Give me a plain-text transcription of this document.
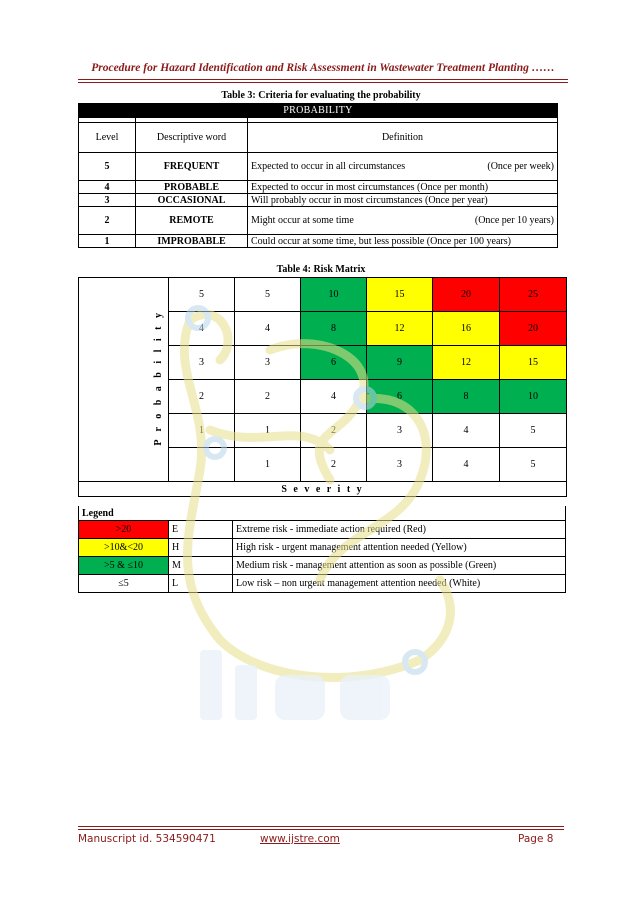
Procedure for Hazard Identification and Risk Assessment in Wastewater Treatment Planting ……
Table 3: Criteria for evaluating the probability
PROBABILITY		

Level	Descriptive word	Definition
5	FREQUENT	Expected to occur in all circumstances (Once per week)

4	PROBABLE	Expected to occur in most circumstances (Once per month)
3	OCCASIONAL	Will probably occur in most circumstances (Once per year)
2	REMOTE	Might occur at some time (Once per 10 years)

1	IMPROBABLE	Could occur at some time, but less possible (Once per 100 years)
Table 4: Risk Matrix
P r o b a b i l i t y	5	5	10	15	20	25
	4	4	8	12	16	20
	3	3	6	9	12	15
	2	2	4	6	8	10
	1	1	2	3	4	5
		1	2	3	4	5
S e v e r i t y						
Legend		
>20	E	Extreme risk - immediate action required (Red)
>10&<20	H	High risk - urgent management attention needed (Yellow)
>5 & ≤10	M	Medium risk - management attention as soon as possible (Green)
≤5	L	Low risk – non urgent management attention needed (White)
Manuscript id. 534590471	www.ijstre.com	Page 8
